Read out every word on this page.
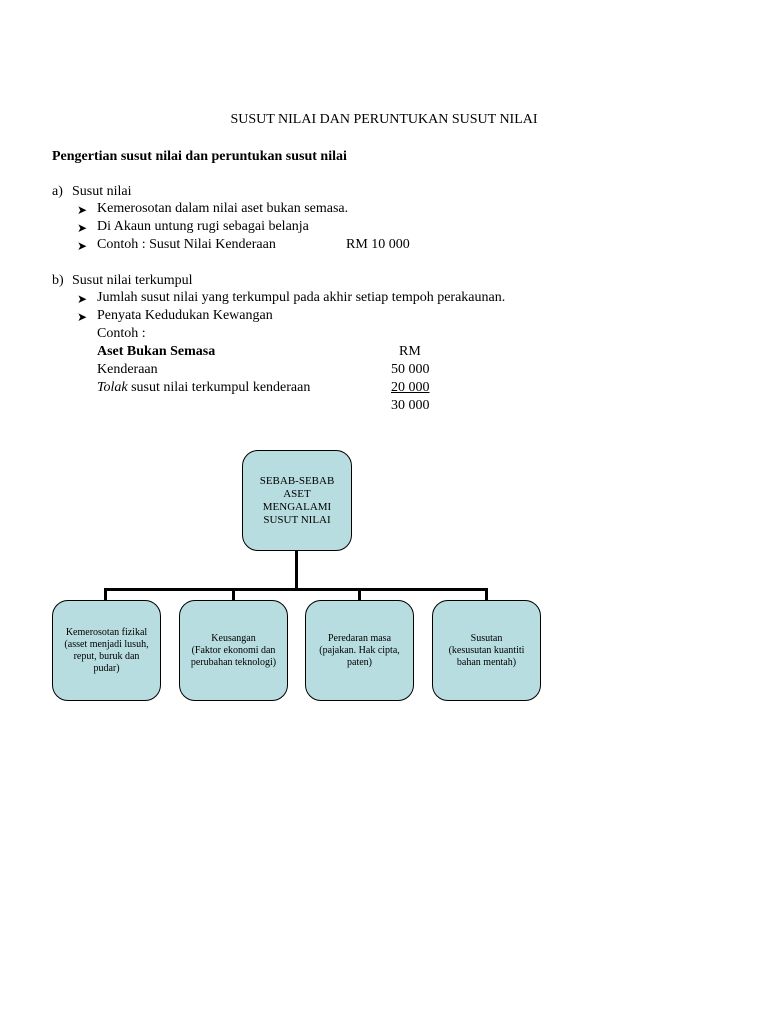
SUSUT NILAI DAN PERUNTUKAN SUSUT NILAI
Pengertian susut nilai dan peruntukan susut nilai
a) Susut nilai
➤ Kemerosotan dalam nilai aset bukan semasa.
➤ Di Akaun untung rugi sebagai belanja
➤ Contoh : Susut Nilai Kenderaan	RM 10 000
b) Susut nilai terkumpul
➤ Jumlah susut nilai yang terkumpul pada akhir setiap tempoh perakaunan.
➤ Penyata Kedudukan Kewangan
Contoh :
Aset Bukan Semasa	RM
Kenderaan	50 000
Tolak susut nilai terkumpul kenderaan	20 000
30 000
SEBAB-SEBAB
ASET
MENGALAMI
SUSUT NILAI
Kemerosotan fizikal
(asset menjadi lusuh,
reput, buruk dan
pudar)
Keusangan
(Faktor ekonomi dan
perubahan teknologi)
Peredaran masa
(pajakan. Hak cipta,
paten)
Susutan
(kesusutan kuantiti
bahan mentah)
